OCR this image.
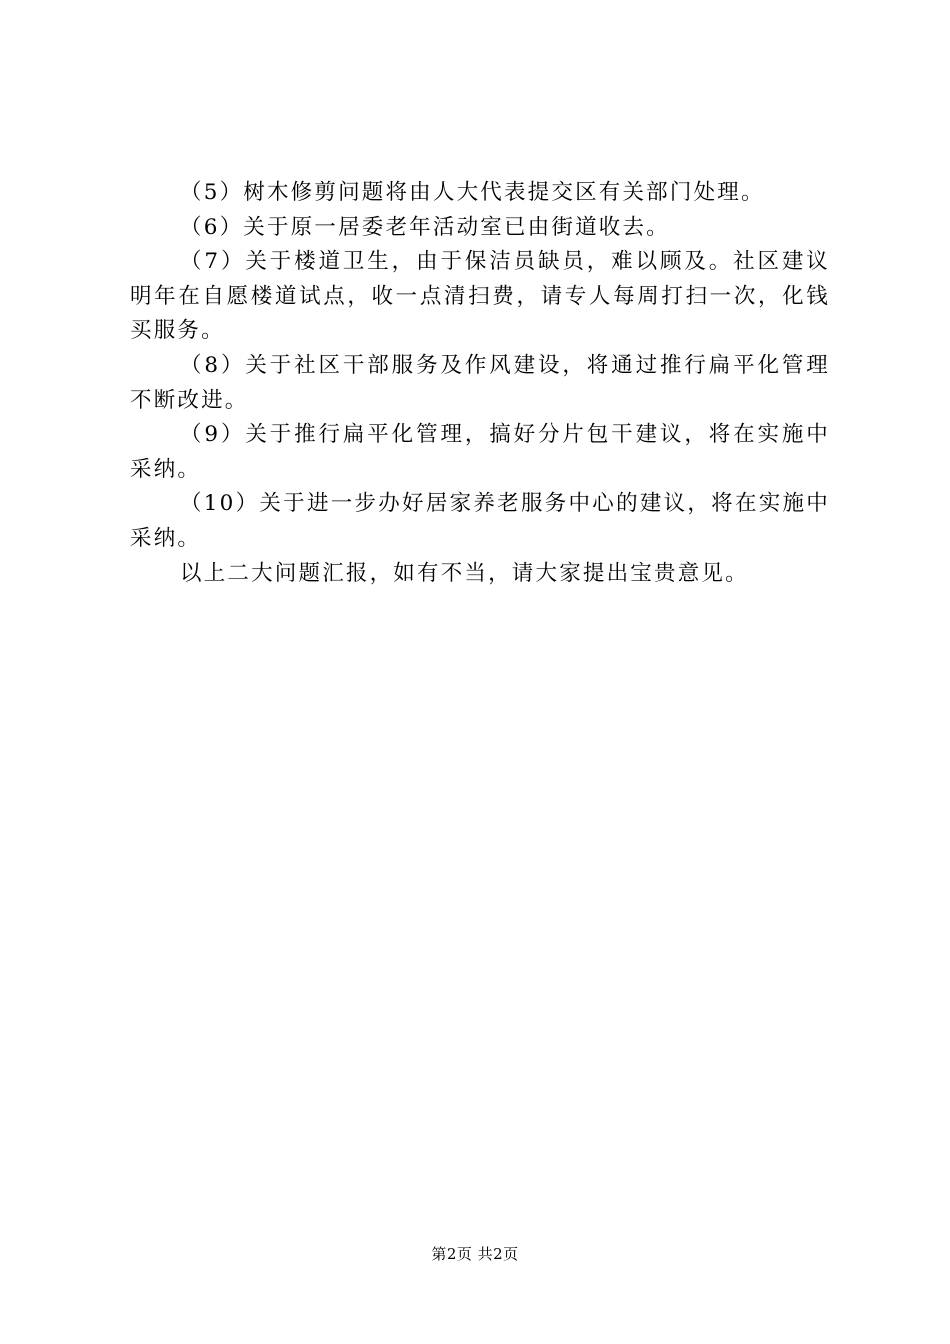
（5）树木修剪问题将由人大代表提交区有关部门处理。

（6）关于原一居委老年活动室已由街道收去。

（7）关于楼道卫生，由于保洁员缺员，难以顾及。社区建议明年在自愿楼道试点，收一点清扫费，请专人每周打扫一次，化钱买服务。

（8）关于社区干部服务及作风建设，将通过推行扁平化管理不断改进。

（9）关于推行扁平化管理，搞好分片包干建议，将在实施中采纳。

（10）关于进一步办好居家养老服务中心的建议，将在实施中采纳。

以上二大问题汇报，如有不当，请大家提出宝贵意见。

第2页 共2页
